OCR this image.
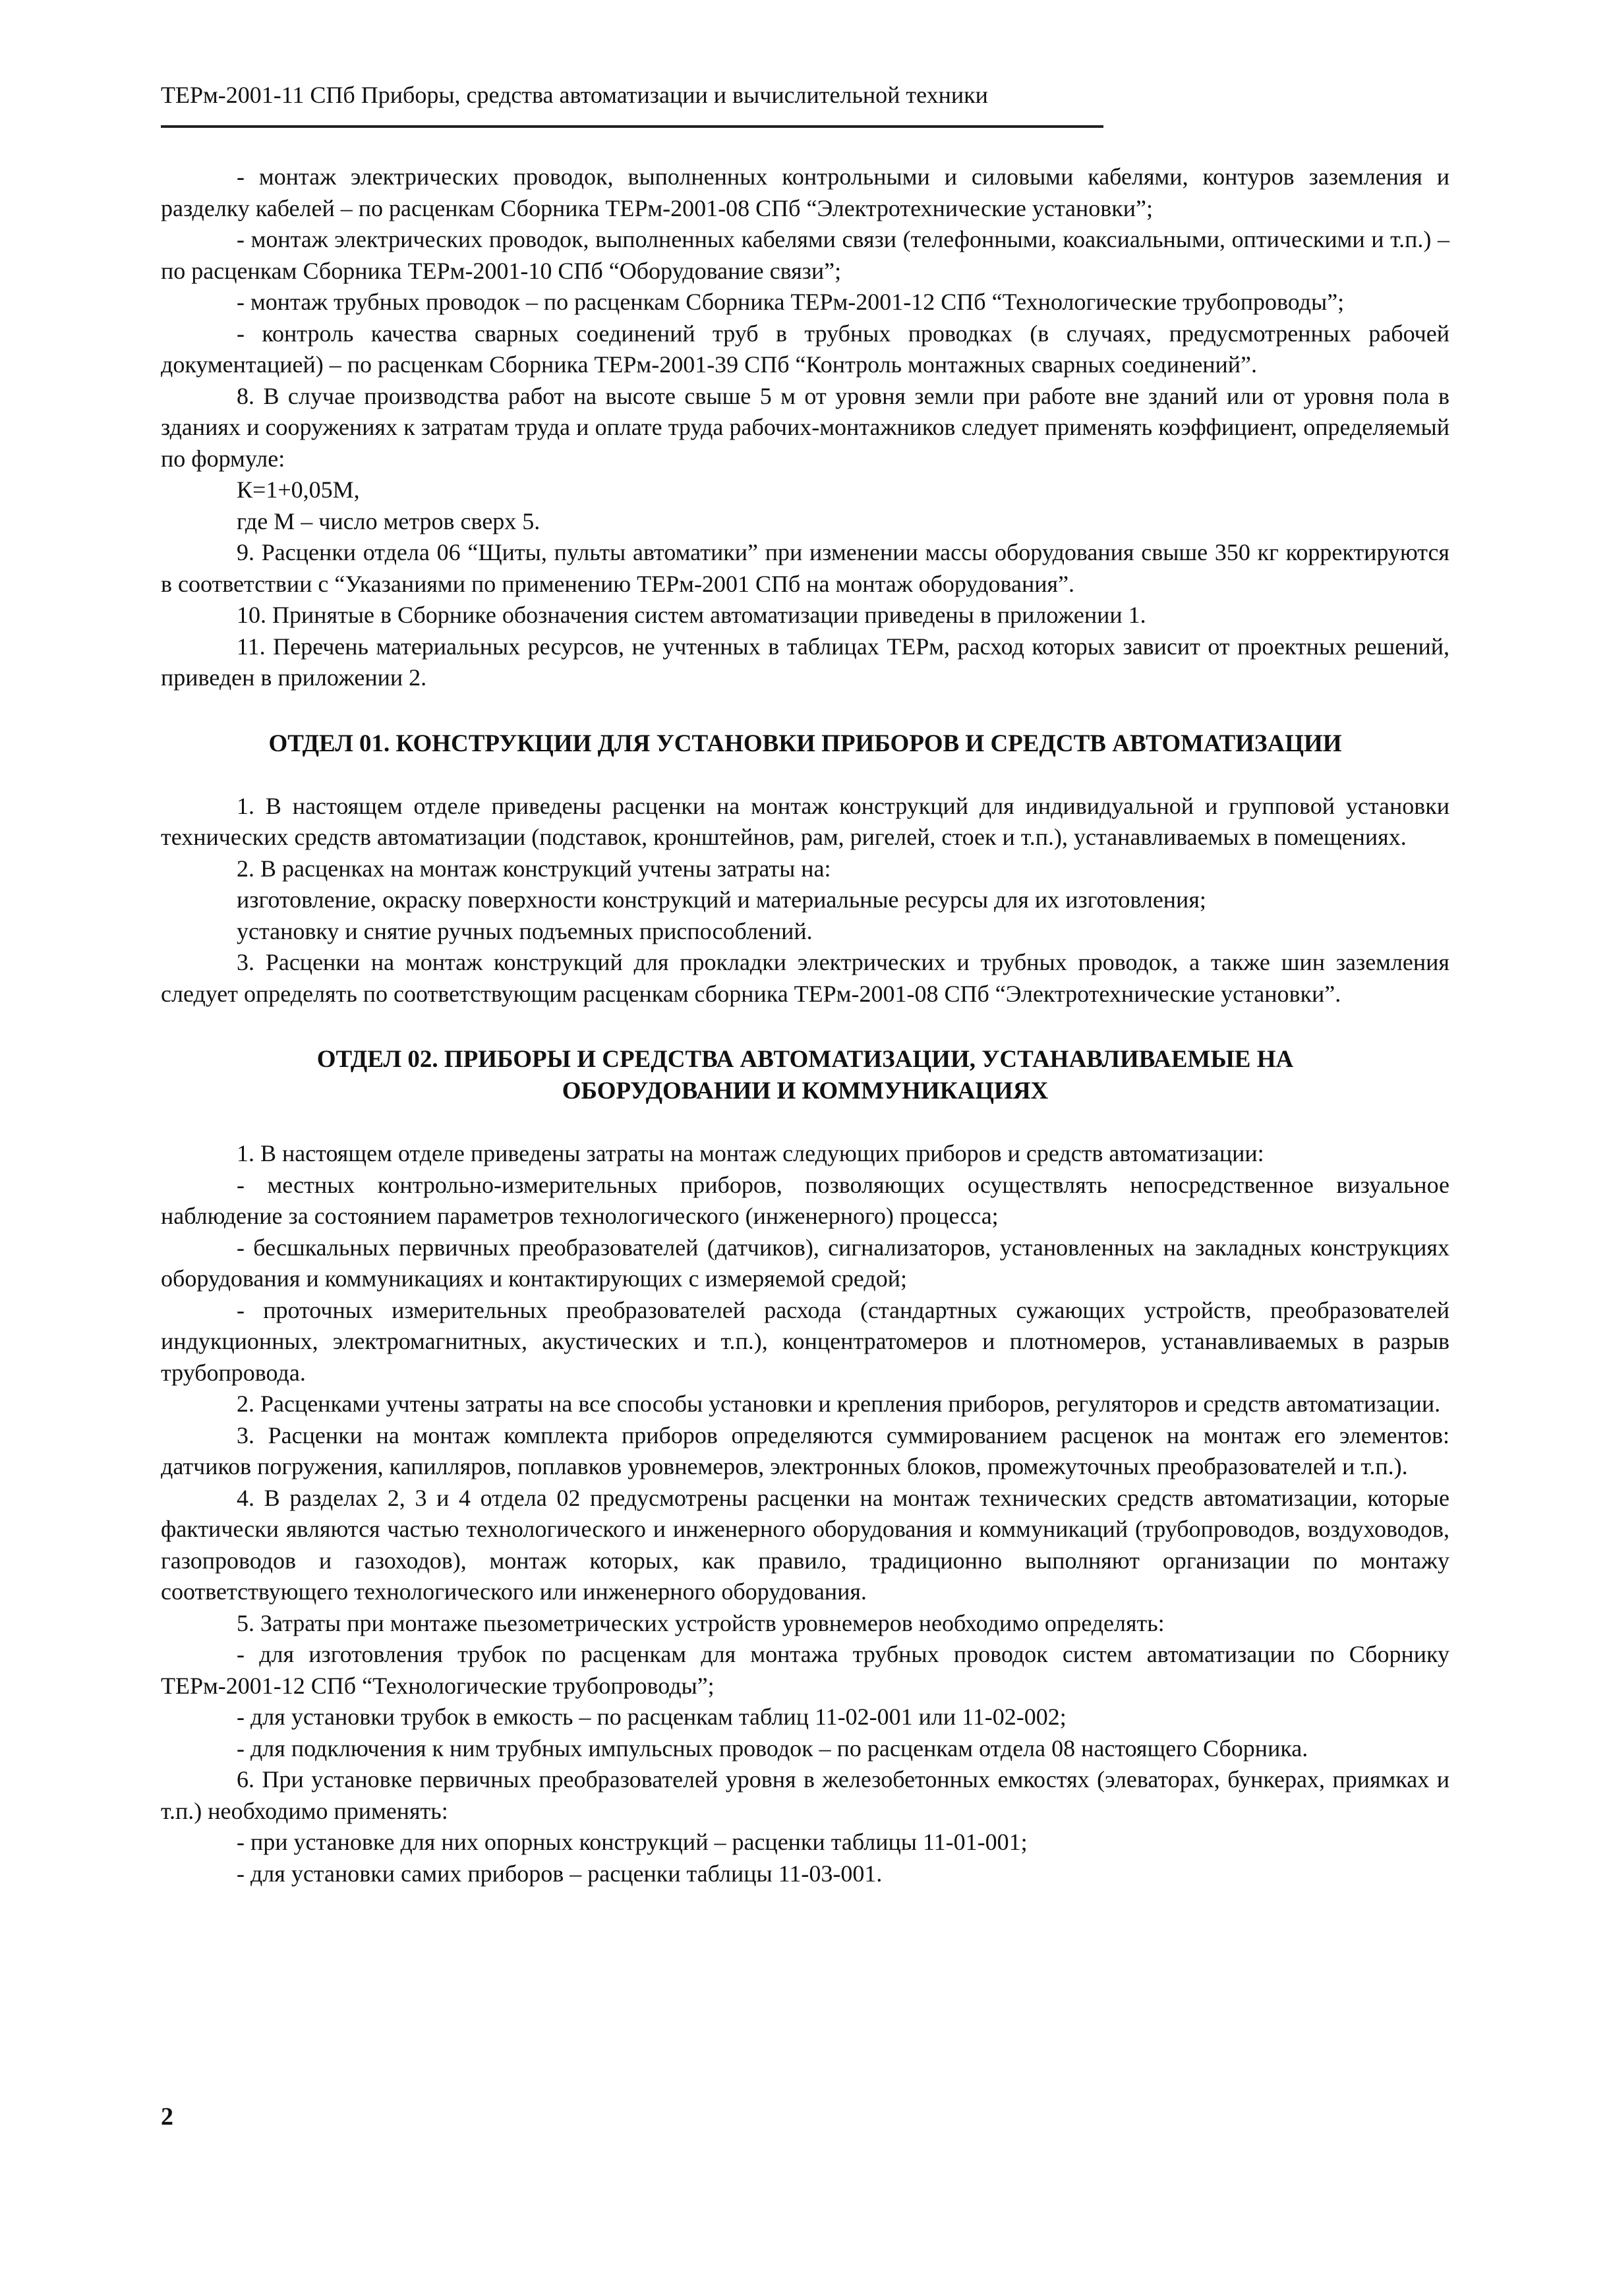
ТЕРм-2001-11 СПб Приборы, средства автоматизации и вычислительной техники

- монтаж электрических проводок, выполненных контрольными и силовыми кабелями, контуров заземления и разделку кабелей – по расценкам Сборника ТЕРм-2001-08 СПб “Электротехнические установки”;

- монтаж электрических проводок, выполненных кабелями связи (телефонными, коаксиальными, оптическими и т.п.) – по расценкам Сборника ТЕРм-2001-10 СПб “Оборудование связи”;

- монтаж трубных проводок – по расценкам Сборника ТЕРм-2001-12 СПб “Технологические трубопроводы”;

- контроль качества сварных соединений труб в трубных проводках (в случаях, предусмотренных рабочей документацией) – по расценкам Сборника ТЕРм-2001-39 СПб “Контроль монтажных сварных соединений”.

8. В случае производства работ на высоте свыше 5 м от уровня земли при работе вне зданий или от уровня пола в зданиях и сооружениях к затратам труда и оплате труда рабочих-монтажников следует применять коэффициент, определяемый по формуле:

К=1+0,05М,

где М – число метров сверх 5.

9. Расценки отдела 06 “Щиты, пульты автоматики” при изменении массы оборудования свыше 350 кг корректируются в соответствии с “Указаниями по применению ТЕРм-2001 СПб на монтаж оборудования”.

10. Принятые в Сборнике обозначения систем автоматизации приведены в приложении 1.

11. Перечень материальных ресурсов, не учтенных в таблицах ТЕРм, расход которых зависит от проектных решений, приведен в приложении 2.

ОТДЕЛ 01. КОНСТРУКЦИИ ДЛЯ УСТАНОВКИ ПРИБОРОВ И СРЕДСТВ АВТОМАТИЗАЦИИ

1. В настоящем отделе приведены расценки на монтаж конструкций для индивидуальной и групповой установки технических средств автоматизации (подставок, кронштейнов, рам, ригелей, стоек и т.п.), устанавливаемых в помещениях.

2. В расценках на монтаж конструкций учтены затраты на:

изготовление, окраску поверхности конструкций и материальные ресурсы для их изготовления;

установку и снятие ручных подъемных приспособлений.

3. Расценки на монтаж конструкций для прокладки электрических и трубных проводок, а также шин заземления следует определять по соответствующим расценкам сборника ТЕРм-2001-08 СПб “Электротехнические установки”.

ОТДЕЛ 02. ПРИБОРЫ И СРЕДСТВА АВТОМАТИЗАЦИИ, УСТАНАВЛИВАЕМЫЕ НА
ОБОРУДОВАНИИ И КОММУНИКАЦИЯХ

1. В настоящем отделе приведены затраты на монтаж следующих приборов и средств автоматизации:

- местных контрольно-измерительных приборов, позволяющих осуществлять непосредственное визуальное наблюдение за состоянием параметров технологического (инженерного) процесса;

- бесшкальных первичных преобразователей (датчиков), сигнализаторов, установленных на закладных конструкциях оборудования и коммуникациях и контактирующих с измеряемой средой;

- проточных измерительных преобразователей расхода (стандартных сужающих устройств, преобразователей индукционных, электромагнитных, акустических и т.п.), концентратомеров и плотномеров, устанавливаемых в разрыв трубопровода.

2. Расценками учтены затраты на все способы установки и крепления приборов, регуляторов и средств автоматизации.

3. Расценки на монтаж комплекта приборов определяются суммированием расценок на монтаж его элементов: датчиков погружения, капилляров, поплавков уровнемеров, электронных блоков, промежуточных преобразователей и т.п.).

4. В разделах 2, 3 и 4 отдела 02 предусмотрены расценки на монтаж технических средств автоматизации, которые фактически являются частью технологического и инженерного оборудования и коммуникаций (трубопроводов, воздуховодов, газопроводов и газоходов), монтаж которых, как правило, традиционно выполняют организации по монтажу соответствующего технологического или инженерного оборудования.

5. Затраты при монтаже пьезометрических устройств уровнемеров необходимо определять:

- для изготовления трубок по расценкам для монтажа трубных проводок систем автоматизации по Сборнику ТЕРм-2001-12 СПб “Технологические трубопроводы”;

- для установки трубок в емкость – по расценкам таблиц 11-02-001 или 11-02-002;

- для подключения к ним трубных импульсных проводок – по расценкам отдела 08 настоящего Сборника.

6. При установке первичных преобразователей уровня в железобетонных емкостях (элеваторах, бункерах, приямках и т.п.) необходимо применять:

- при установке для них опорных конструкций – расценки таблицы 11-01-001;

- для установки самих приборов – расценки таблицы 11-03-001.

2
